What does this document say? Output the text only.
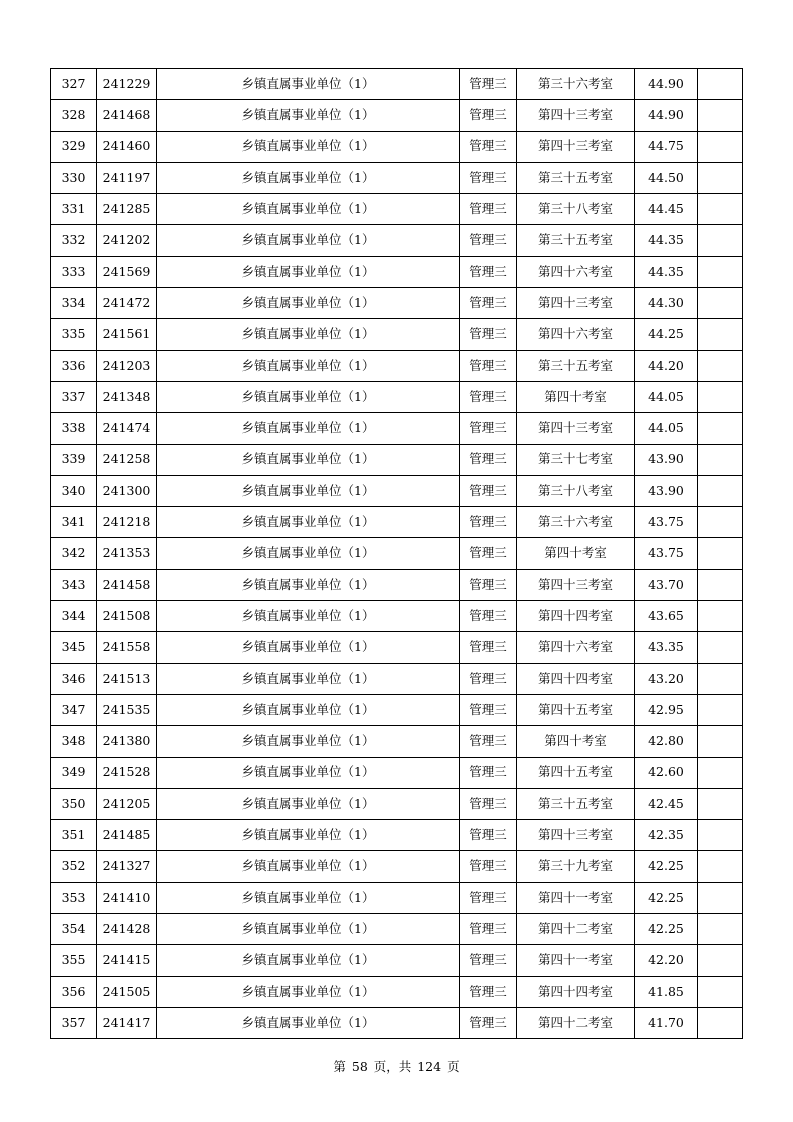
327	241229	乡镇直属事业单位（1）	管理三	第三十六考室	44.90	
328	241468	乡镇直属事业单位（1）	管理三	第四十三考室	44.90	
329	241460	乡镇直属事业单位（1）	管理三	第四十三考室	44.75	
330	241197	乡镇直属事业单位（1）	管理三	第三十五考室	44.50	
331	241285	乡镇直属事业单位（1）	管理三	第三十八考室	44.45	
332	241202	乡镇直属事业单位（1）	管理三	第三十五考室	44.35	
333	241569	乡镇直属事业单位（1）	管理三	第四十六考室	44.35	
334	241472	乡镇直属事业单位（1）	管理三	第四十三考室	44.30	
335	241561	乡镇直属事业单位（1）	管理三	第四十六考室	44.25	
336	241203	乡镇直属事业单位（1）	管理三	第三十五考室	44.20	
337	241348	乡镇直属事业单位（1）	管理三	第四十考室	44.05	
338	241474	乡镇直属事业单位（1）	管理三	第四十三考室	44.05	
339	241258	乡镇直属事业单位（1）	管理三	第三十七考室	43.90	
340	241300	乡镇直属事业单位（1）	管理三	第三十八考室	43.90	
341	241218	乡镇直属事业单位（1）	管理三	第三十六考室	43.75	
342	241353	乡镇直属事业单位（1）	管理三	第四十考室	43.75	
343	241458	乡镇直属事业单位（1）	管理三	第四十三考室	43.70	
344	241508	乡镇直属事业单位（1）	管理三	第四十四考室	43.65	
345	241558	乡镇直属事业单位（1）	管理三	第四十六考室	43.35	
346	241513	乡镇直属事业单位（1）	管理三	第四十四考室	43.20	
347	241535	乡镇直属事业单位（1）	管理三	第四十五考室	42.95	
348	241380	乡镇直属事业单位（1）	管理三	第四十考室	42.80	
349	241528	乡镇直属事业单位（1）	管理三	第四十五考室	42.60	
350	241205	乡镇直属事业单位（1）	管理三	第三十五考室	42.45	
351	241485	乡镇直属事业单位（1）	管理三	第四十三考室	42.35	
352	241327	乡镇直属事业单位（1）	管理三	第三十九考室	42.25	
353	241410	乡镇直属事业单位（1）	管理三	第四十一考室	42.25	
354	241428	乡镇直属事业单位（1）	管理三	第四十二考室	42.25	
355	241415	乡镇直属事业单位（1）	管理三	第四十一考室	42.20	
356	241505	乡镇直属事业单位（1）	管理三	第四十四考室	41.85	
357	241417	乡镇直属事业单位（1）	管理三	第四十二考室	41.70	
第 58 页，共 124 页
